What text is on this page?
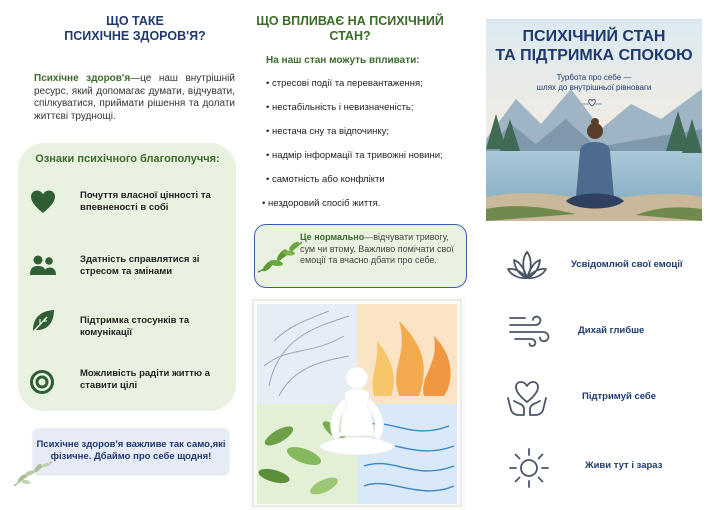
ЩО ТАКЕ
ПСИХІЧНЕ ЗДОРОВ'Я?
Психічне здоров'я—це наш внутрішній ресурс, який допомагає думати, відчувати, спілкуватися, приймати рішення та долати життєві труднощі.
Ознаки психічного благополуччя:
Почуття власної цінності та впевненості в собі
Здатність справлятися зі стресом та змінами
Підтримка стосунків та комунікації
Можливість радіти життю а ставити цілі
Психічне здоров'я важливе так само,які фізичне. Дбаймо про себе щодня!
ЩО ВПЛИВАЄ НА ПСИХІЧНИЙ
СТАН?
На наш стан можуть впливати:
• стресові події та перевантаження;
• нестабільність і невизначеність;
• нестача сну та відпочинку;
• надмір інформації та тривожні новини;
• самотність або конфлікти
• нездоровий спосіб життя.
Це нормально—відчувати тривогу, сум чи втому. Важливо помічати свої емоції та вчасно дбати про себе.
ПСИХІЧНИЙ СТАН
ТА ПІДТРИМКА СПОКОЮ
Турбота про себе —
шлях до внутрішньої рівноваги
Усвідомлюй свої емоції
Дихай глибше
Підтримуй себе
Живи тут і зараз
